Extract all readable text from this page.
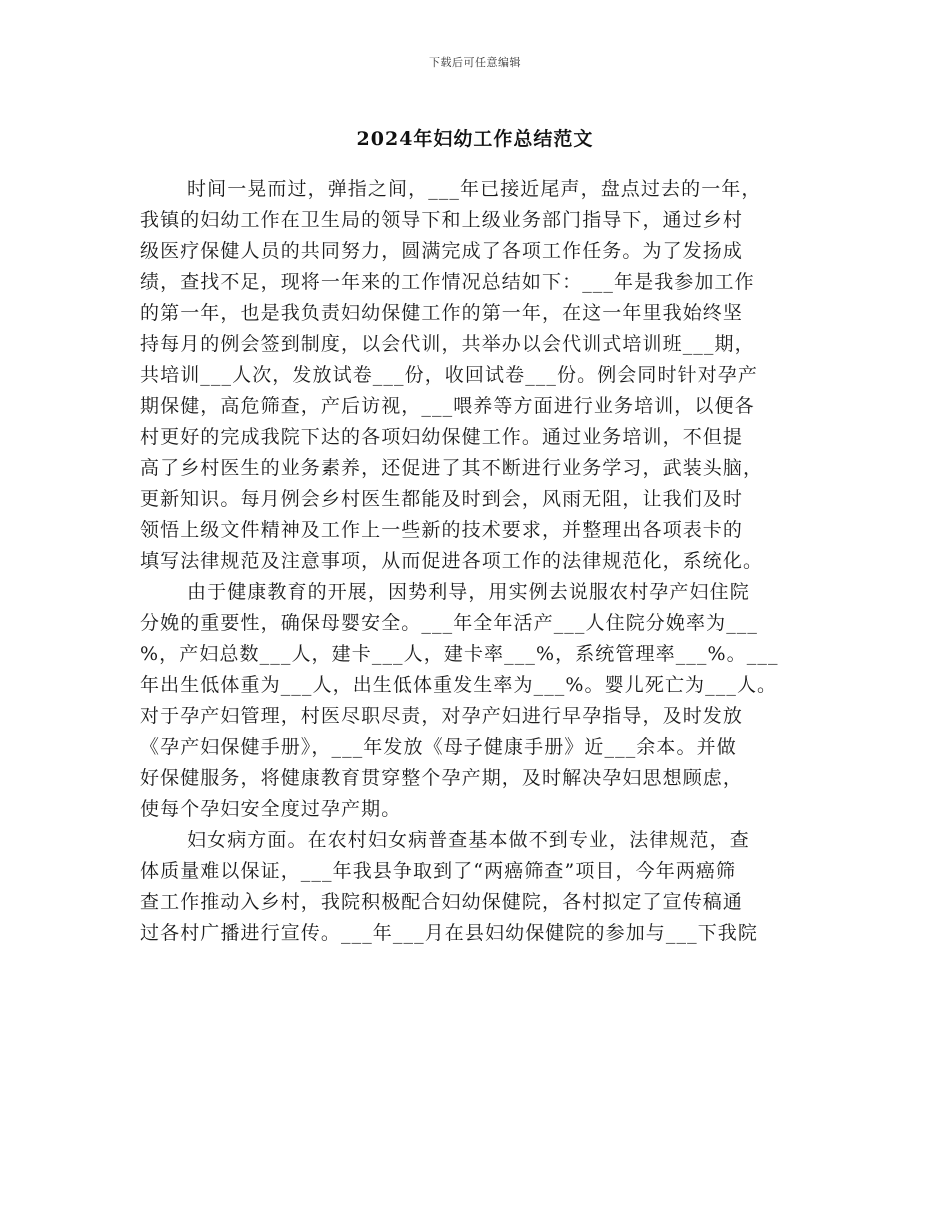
下载后可任意编辑
2024年妇幼工作总结范文

时间一晃而过，弹指之间，___年已接近尾声，盘点过去的一年，
我镇的妇幼工作在卫生局的领导下和上级业务部门指导下，通过乡村
级医疗保健人员的共同努力，圆满完成了各项工作任务。为了发扬成
绩，查找不足，现将一年来的工作情况总结如下：___年是我参加工作
的第一年，也是我负责妇幼保健工作的第一年，在这一年里我始终坚
持每月的例会签到制度，以会代训，共举办以会代训式培训班___期，
共培训___人次，发放试卷___份，收回试卷___份。例会同时针对孕产
期保健，高危筛查，产后访视，___喂养等方面进行业务培训，以便各
村更好的完成我院下达的各项妇幼保健工作。通过业务培训，不但提
高了乡村医生的业务素养，还促进了其不断进行业务学习，武装头脑，
更新知识。每月例会乡村医生都能及时到会，风雨无阻，让我们及时
领悟上级文件精神及工作上一些新的技术要求，并整理出各项表卡的
填写法律规范及注意事项，从而促进各项工作的法律规范化，系统化。

由于健康教育的开展，因势利导，用实例去说服农村孕产妇住院
分娩的重要性，确保母婴安全。___年全年活产___人住院分娩率为___
%，产妇总数___人，建卡___人，建卡率___%，系统管理率___%。___
年出生低体重为___人，出生低体重发生率为___%。婴儿死亡为___人。
对于孕产妇管理，村医尽职尽责，对孕产妇进行早孕指导，及时发放
《孕产妇保健手册》，___年发放《母子健康手册》近___余本。并做
好保健服务，将健康教育贯穿整个孕产期，及时解决孕妇思想顾虑，
使每个孕妇安全度过孕产期。

妇女病方面。在农村妇女病普查基本做不到专业，法律规范，查
体质量难以保证，___年我县争取到了“两癌筛查”项目，今年两癌筛
查工作推动入乡村，我院积极配合妇幼保健院，各村拟定了宣传稿通
过各村广播进行宣传。___年___月在县妇幼保健院的参加与___下我院
